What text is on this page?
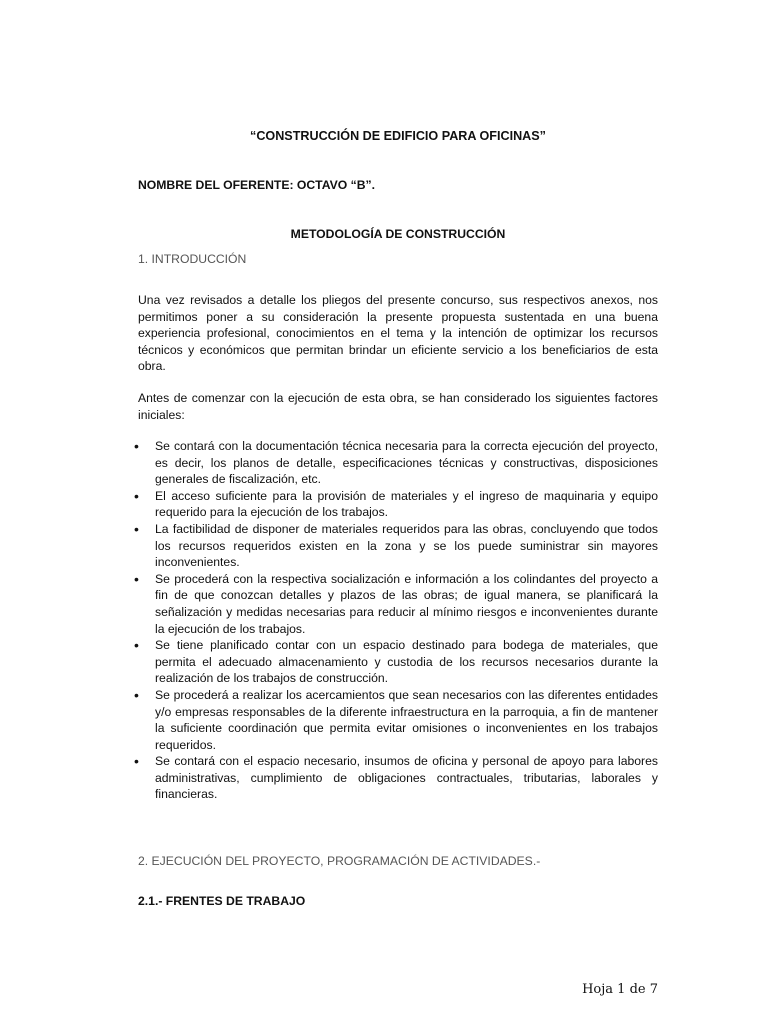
“CONSTRUCCIÓN DE EDIFICIO PARA OFICINAS”
NOMBRE DEL OFERENTE: OCTAVO “B”.
METODOLOGÍA DE CONSTRUCCIÓN
1. INTRODUCCIÓN
Una vez revisados a detalle los pliegos del presente concurso, sus respectivos anexos, nos permitimos poner a su consideración la presente propuesta sustentada en una buena experiencia profesional, conocimientos en el tema y la intención de optimizar los recursos técnicos y económicos que permitan brindar un eficiente servicio a los beneficiarios de esta obra.
Antes de comenzar con la ejecución de esta obra, se han considerado los siguientes factores iniciales:
• Se contará con la documentación técnica necesaria para la correcta ejecución del proyecto, es decir, los planos de detalle, especificaciones técnicas y constructivas, disposiciones generales de fiscalización, etc.
• El acceso suficiente para la provisión de materiales y el ingreso de maquinaria y equipo requerido para la ejecución de los trabajos.
• La factibilidad de disponer de materiales requeridos para las obras, concluyendo que todos los recursos requeridos existen en la zona y se los puede suministrar sin mayores inconvenientes.
• Se procederá con la respectiva socialización e información a los colindantes del proyecto a fin de que conozcan detalles y plazos de las obras; de igual manera, se planificará la señalización y medidas necesarias para reducir al mínimo riesgos e inconvenientes durante la ejecución de los trabajos.
• Se tiene planificado contar con un espacio destinado para bodega de materiales, que permita el adecuado almacenamiento y custodia de los recursos necesarios durante la realización de los trabajos de construcción.
• Se procederá a realizar los acercamientos que sean necesarios con las diferentes entidades y/o empresas responsables de la diferente infraestructura en la parroquia, a fin de mantener la suficiente coordinación que permita evitar omisiones o inconvenientes en los trabajos requeridos.
• Se contará con el espacio necesario, insumos de oficina y personal de apoyo para labores administrativas, cumplimiento de obligaciones contractuales, tributarias, laborales y financieras.
2. EJECUCIÓN DEL PROYECTO, PROGRAMACIÓN DE ACTIVIDADES.-
2.1.- FRENTES DE TRABAJO
Hoja 1 de 7
